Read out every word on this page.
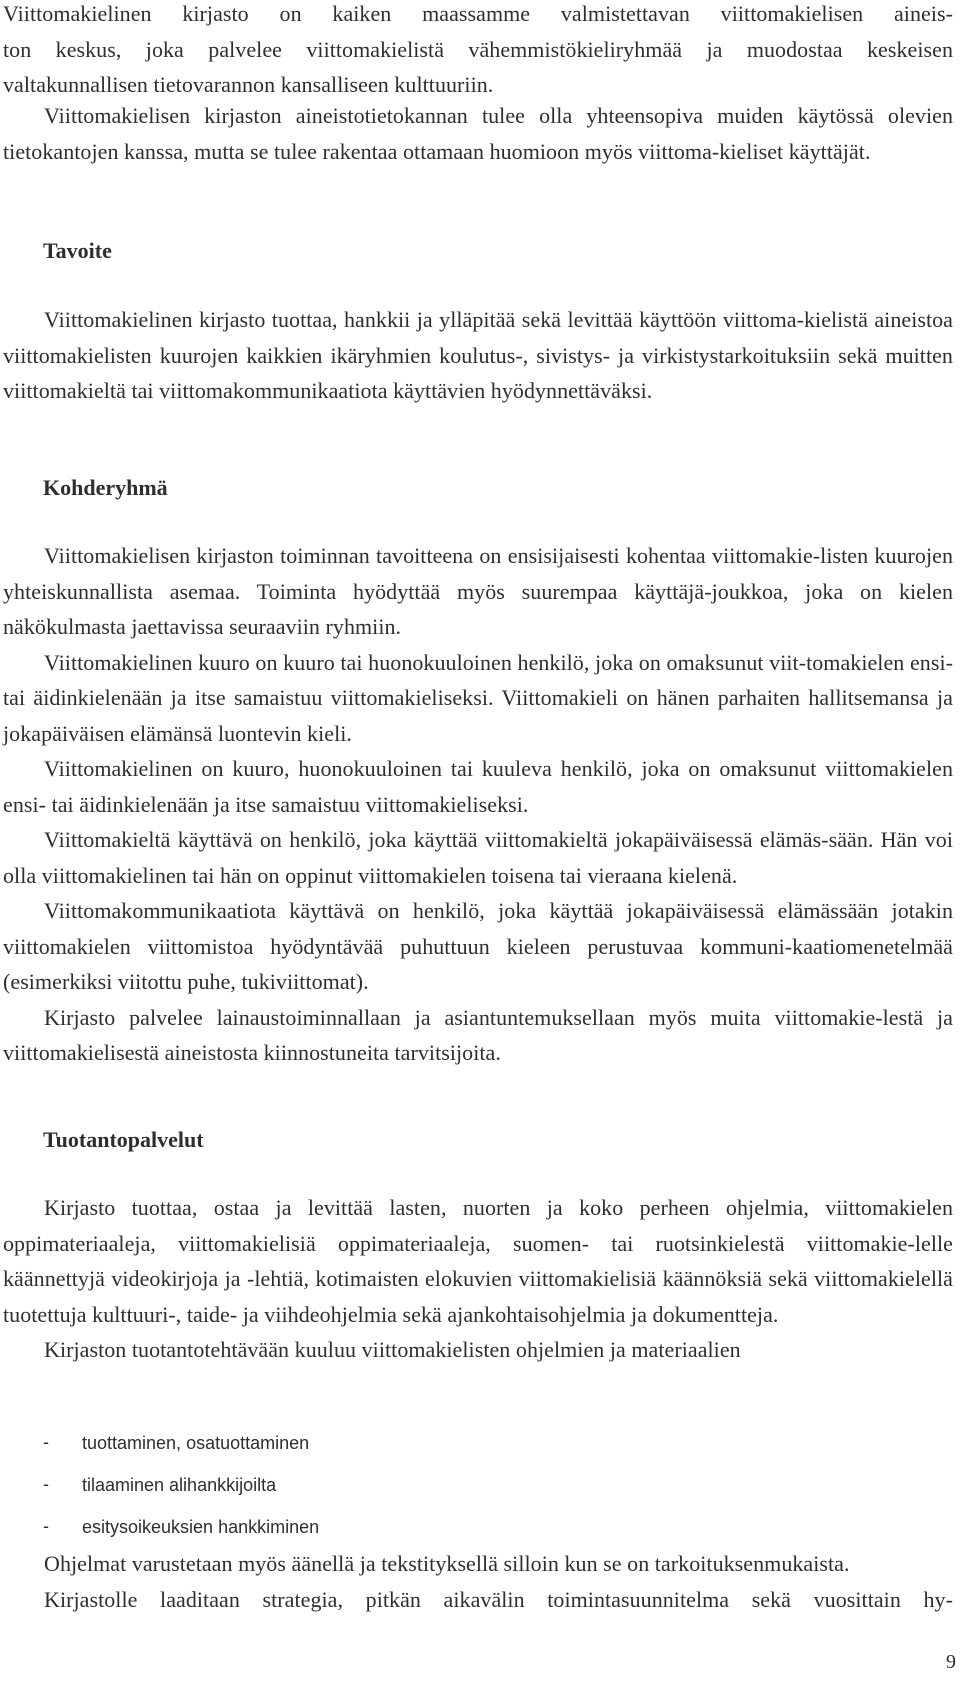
Viittomakielinen kirjasto on kaiken maassamme valmistettavan viittomakielisen aineis-
ton keskus, joka palvelee viittomakielistä vähemmistökieliryhmää ja muodostaa keskeisen
valtakunnallisen tietovarannon kansalliseen kulttuuriin.

Viittomakielisen kirjaston aineistotietokannan tulee olla yhteensopiva muiden käytössä olevien tietokantojen kanssa, mutta se tulee rakentaa ottamaan huomioon myös viittoma-kieliset käyttäjät.

Tavoite

Viittomakielinen kirjasto tuottaa, hankkii ja ylläpitää sekä levittää käyttöön viittoma-kielistä aineistoa viittomakielisten kuurojen kaikkien ikäryhmien koulutus-, sivistys- ja virkistystarkoituksiin sekä muitten viittomakieltä tai viittomakommunikaatiota käyttävien hyödynnettäväksi.

Kohderyhmä

Viittomakielisen kirjaston toiminnan tavoitteena on ensisijaisesti kohentaa viittomakie-listen kuurojen yhteiskunnallista asemaa. Toiminta hyödyttää myös suurempaa käyttäjä-joukkoa, joka on kielen näkökulmasta jaettavissa seuraaviin ryhmiin.

Viittomakielinen kuuro on kuuro tai huonokuuloinen henkilö, joka on omaksunut viit-tomakielen ensi- tai äidinkielenään ja itse samaistuu viittomakieliseksi. Viittomakieli on hänen parhaiten hallitsemansa ja jokapäiväisen elämänsä luontevin kieli.

Viittomakielinen on kuuro, huonokuuloinen tai kuuleva henkilö, joka on omaksunut viittomakielen ensi- tai äidinkielenään ja itse samaistuu viittomakieliseksi.

Viittomakieltä käyttävä on henkilö, joka käyttää viittomakieltä jokapäiväisessä elämäs-sään. Hän voi olla viittomakielinen tai hän on oppinut viittomakielen toisena tai vieraana kielenä.

Viittomakommunikaatiota käyttävä on henkilö, joka käyttää jokapäiväisessä elämässään jotakin viittomakielen viittomistoa hyödyntävää puhuttuun kieleen perustuvaa kommuni-kaatiomenetelmää (esimerkiksi viitottu puhe, tukiviittomat).

Kirjasto palvelee lainaustoiminnallaan ja asiantuntemuksellaan myös muita viittomakie-lestä ja viittomakielisestä aineistosta kiinnostuneita tarvitsijoita.

Tuotantopalvelut

Kirjasto tuottaa, ostaa ja levittää lasten, nuorten ja koko perheen ohjelmia, viittomakielen oppimateriaaleja, viittomakielisiä oppimateriaaleja, suomen- tai ruotsinkielestä viittomakie-lelle käännettyjä videokirjoja ja -lehtiä, kotimaisten elokuvien viittomakielisiä käännöksiä sekä viittomakielellä tuotettuja kulttuuri-, taide- ja viihdeohjelmia sekä ajankohtaisohjelmia ja dokumentteja.

Kirjaston tuotantotehtävään kuuluu viittomakielisten ohjelmien ja materiaalien

- tuottaminen, osatuottaminen
- tilaaminen alihankkijoilta
- esitysoikeuksien hankkiminen

Ohjelmat varustetaan myös äänellä ja tekstityksellä silloin kun se on tarkoituksenmukaista.

Kirjastolle laaditaan strategia, pitkän aikavälin toimintasuunnitelma sekä vuosittain hy-

9
